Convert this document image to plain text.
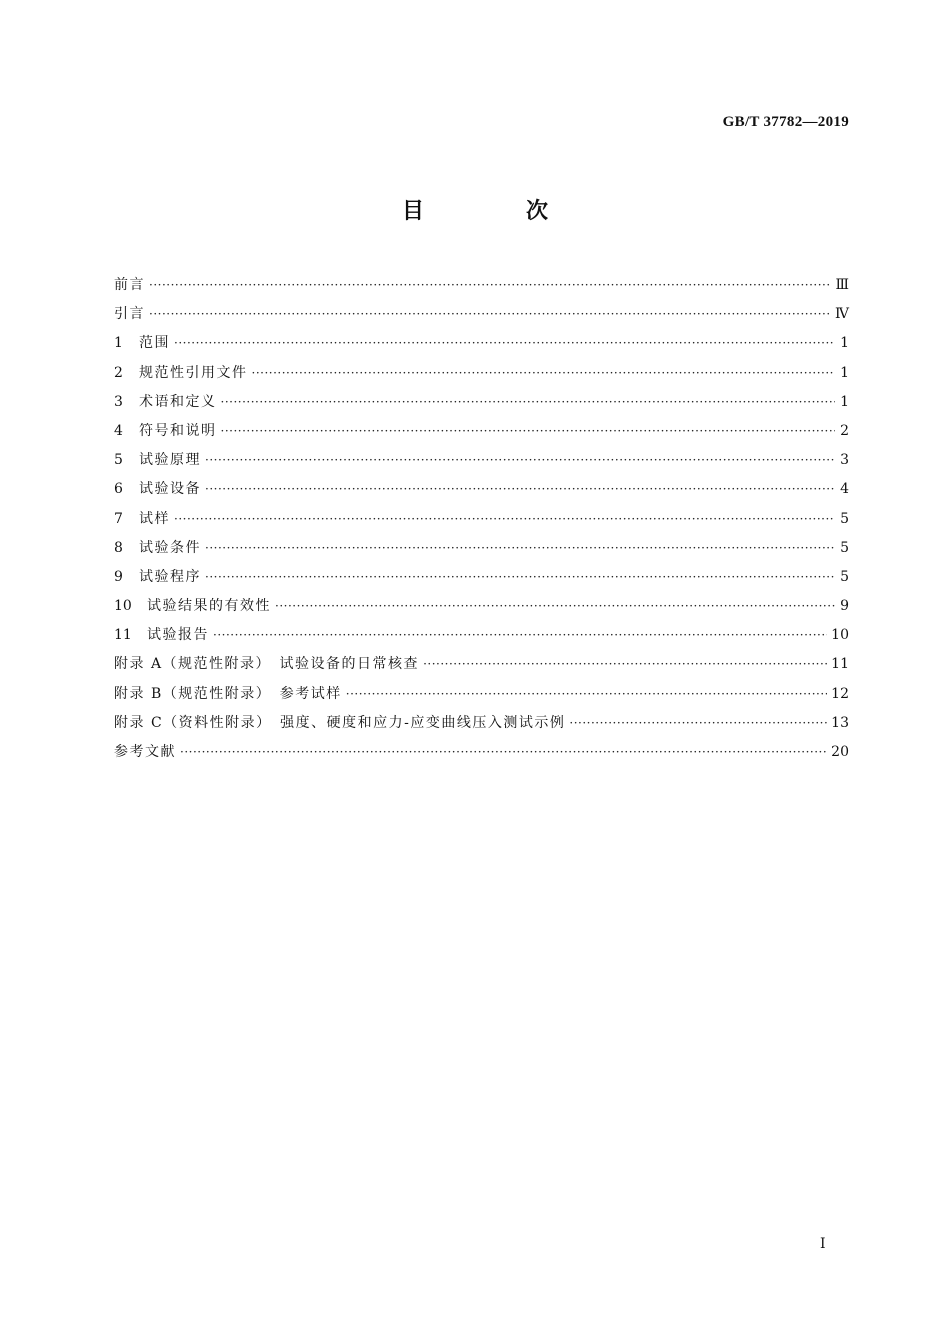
GB/T 37782—2019
目　次
前言 ·····	Ⅲ
引言 ·····	Ⅳ
1	范围 ·····	1
2	规范性引用文件 ·····	1
3	术语和定义 ·····	1
4	符号和说明 ·····	2
5	试验原理 ·····	3
6	试验设备 ·····	4
7	试样 ·····	5
8	试验条件 ·····	5
9	试验程序 ·····	5
10	试验结果的有效性 ·····	9
11	试验报告 ·····	10
附录 A（规范性附录）　试验设备的日常核查 ·····	11
附录 B（规范性附录）　参考试样 ·····	12
附录 C（资料性附录）　强度、硬度和应力-应变曲线压入测试示例 ·····	13
参考文献 ·····	20
Ⅰ
